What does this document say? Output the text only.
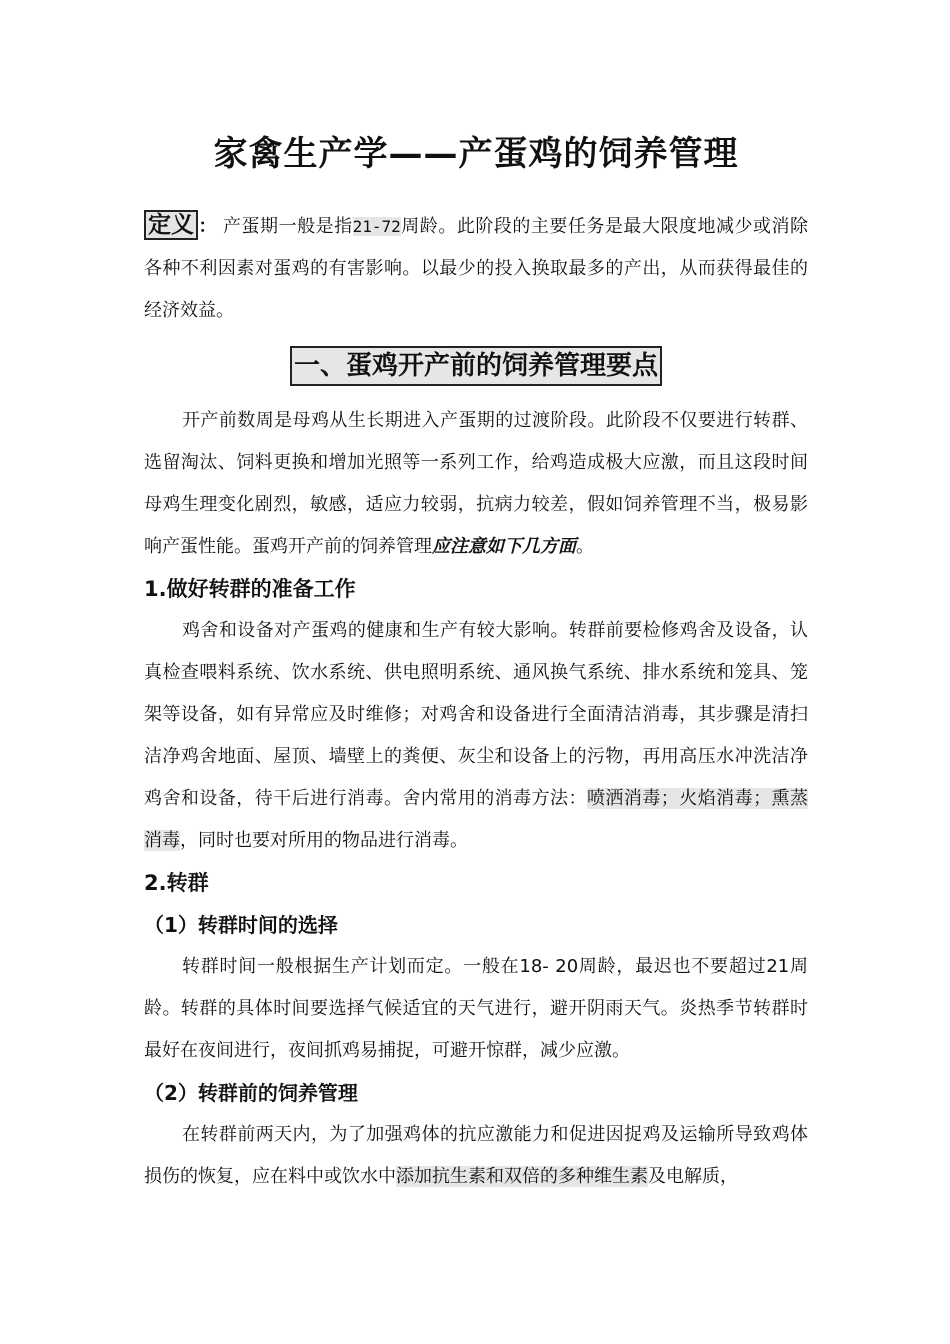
家禽生产学——产蛋鸡的饲养管理

定义 ： 产蛋期一般是指21-72周龄。此阶段的主要任务是最大限度地减少或消除各种不利因素对蛋鸡的有害影响。以最少的投入换取最多的产出，从而获得最佳的经济效益。

一、蛋鸡开产前的饲养管理要点

开产前数周是母鸡从生长期进入产蛋期的过渡阶段。此阶段不仅要进行转群、选留淘汰、饲料更换和增加光照等一系列工作，给鸡造成极大应激，而且这段时间母鸡生理变化剧烈，敏感，适应力较弱，抗病力较差，假如饲养管理不当，极易影响产蛋性能。蛋鸡开产前的饲养管理应注意如下几方面。

1.做好转群的准备工作

鸡舍和设备对产蛋鸡的健康和生产有较大影响。转群前要检修鸡舍及设备，认真检查喂料系统、饮水系统、供电照明系统、通风换气系统、排水系统和笼具、笼架等设备，如有异常应及时维修；对鸡舍和设备进行全面清洁消毒，其步骤是清扫洁净鸡舍地面、屋顶、墙壁上的粪便、灰尘和设备上的污物，再用高压水冲洗洁净鸡舍和设备，待干后进行消毒。舍内常用的消毒方法：喷洒消毒；火焰消毒；熏蒸消毒，同时也要对所用的物品进行消毒。

2.转群
（1）转群时间的选择

转群时间一般根据生产计划而定。一般在18- 20周龄，最迟也不要超过21周龄。转群的具体时间要选择气候适宜的天气进行，避开阴雨天气。炎热季节转群时最好在夜间进行，夜间抓鸡易捕捉，可避开惊群，减少应激。

（2）转群前的饲养管理

在转群前两天内，为了加强鸡体的抗应激能力和促进因捉鸡及运输所导致鸡体损伤的恢复，应在料中或饮水中添加抗生素和双倍的多种维生素及电解质，
